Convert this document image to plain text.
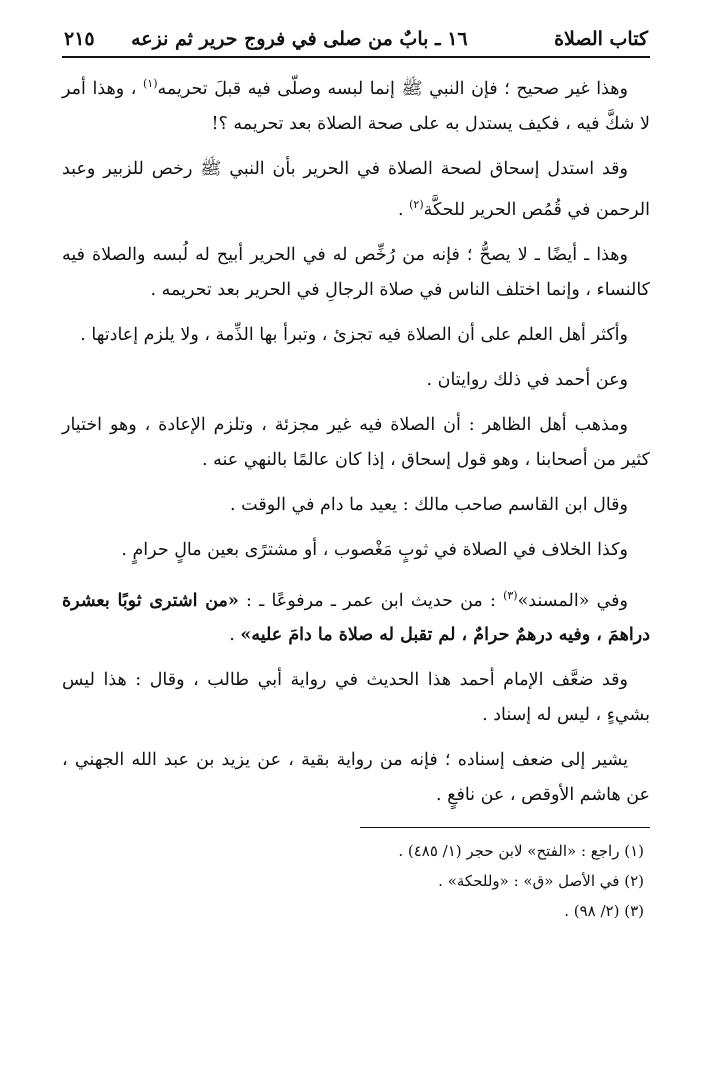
كتاب الصلاة
١٦ ـ بابٌ من صلى في فروج حرير ثم نزعه
٢١٥

وهذا غير صحيح ؛ فإن النبي ﷺ إنما لبسه وصلّى فيه قبلَ تحريمه$^{(١)}$ ، وهذا أمر لا شكَّ فيه ، فكيف يستدل به على صحة الصلاة بعد تحريمه ؟!

وقد استدل إسحاق لصحة الصلاة في الحرير بأن النبي ﷺ رخص للزبير وعبد الرحمن في قُمُص الحرير للحكَّة$^{(٢)}$ .

وهذا ـ أيضًا ـ لا يصحُّ ؛ فإنه من رُخِّص له في الحرير أبيح له لُبسه والصلاة فيه كالنساء ، وإنما اختلف الناس في صلاة الرجالِ في الحرير بعد تحريمه .

وأكثر أهل العلم على أن الصلاة فيه تجزئ ، وتبرأ بها الذِّمة ، ولا يلزم إعادتها .

وعن أحمد في ذلك روايتان .

ومذهب أهل الظاهر : أن الصلاة فيه غير مجزئة ، وتلزم الإعادة ، وهو اختيار كثير من أصحابنا ، وهو قول إسحاق ، إذا كان عالمًا بالنهي عنه .

وقال ابن القاسم صاحب مالك : يعيد ما دام في الوقت .

وكذا الخلاف في الصلاة في ثوبٍ مَغْصوب ، أو مشترًى بعين مالٍ حرامٍ .

وفي «المسند»$^{(٣)}$ : من حديث ابن عمر ـ مرفوعًا ـ : «من اشترى ثوبًا بعشرة دراهمَ ، وفيه درهمٌ حرامٌ ، لم تقبل له صلاة ما دامَ عليه» .

وقد ضعَّف الإمام أحمد هذا الحديث في رواية أبي طالب ، وقال : هذا ليس بشيءٍ ، ليس له إسناد .

يشير إلى ضعف إسناده ؛ فإنه من رواية بقية ، عن يزيد بن عبد الله الجهني ، عن هاشم الأوقص ، عن نافعٍ .

(١) راجع : «الفتح» لابن حجر (١/ ٤٨٥) .
(٢) في الأصل «ق» : «وللحكة» .
(٣) (٢/ ٩٨) .
